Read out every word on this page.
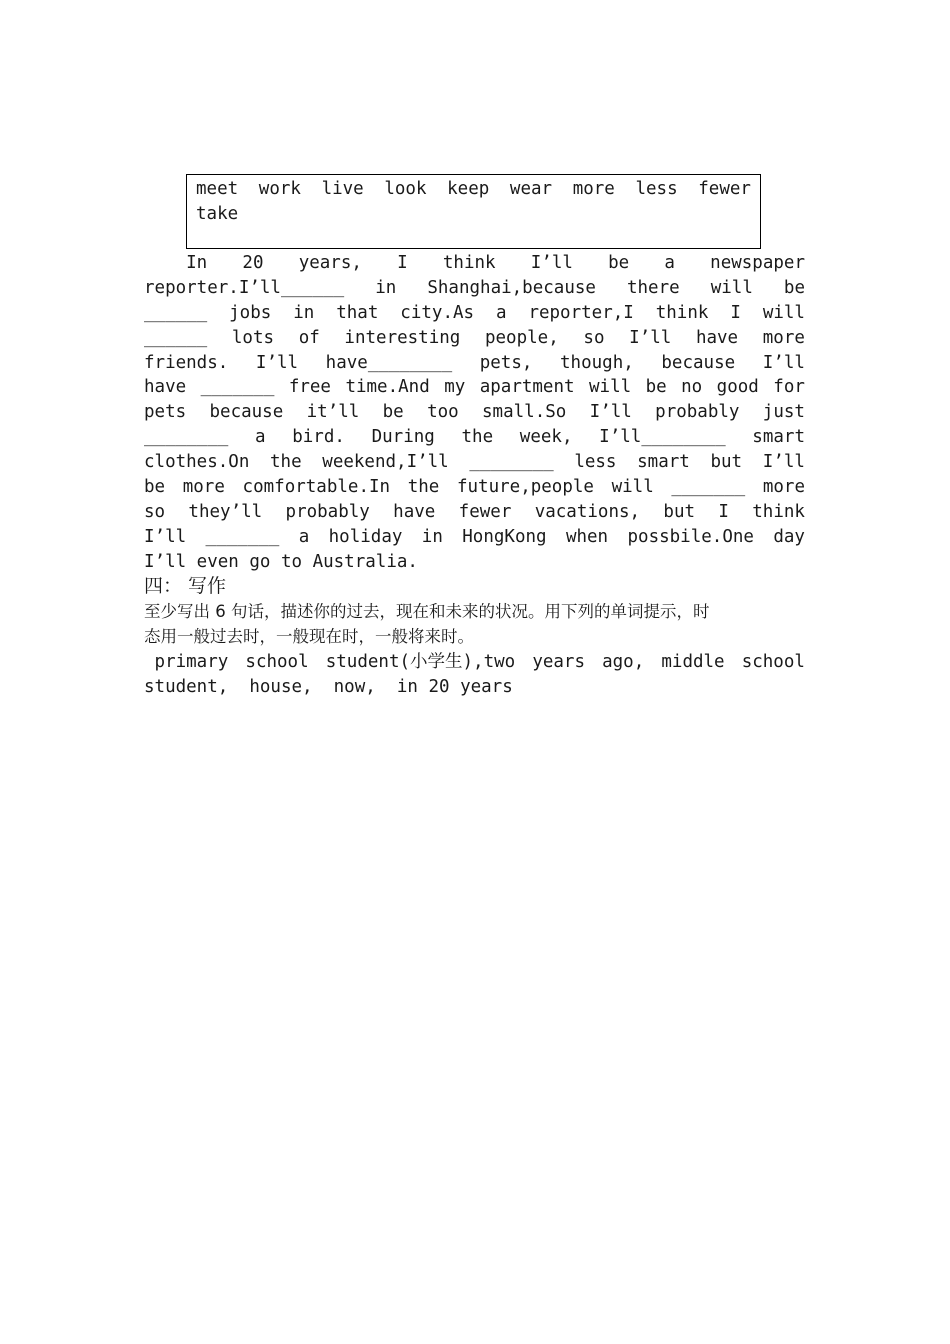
meet work live look keep wear more less fewer
take
In 20 years, I think I’ll be a newspaper
reporter.I’ll______ in Shanghai,because there will be
______ jobs in that city.As a reporter,I think I will
______ lots of interesting people, so I’ll have more
friends. I’ll have________ pets, though, because I’ll
have _______ free time.And my apartment will be no good for
pets because it’ll be too small.So I’ll probably just
________ a bird. During the week, I’ll________ smart
clothes.On the weekend,I’ll ________ less smart but I’ll
be more comfortable.In the future,people will _______ more
so they’ll probably have fewer vacations, but I think
I’ll _______ a holiday in HongKong when possbile.One day
I’ll even go to Australia.
四： 写作
至少写出 6 句话，描述你的过去，现在和未来的状况。用下列的单词提示，时
态用一般过去时，一般现在时，一般将来时。
primary school student(小学生),two years ago, middle school
student,  house,  now,  in 20 years
